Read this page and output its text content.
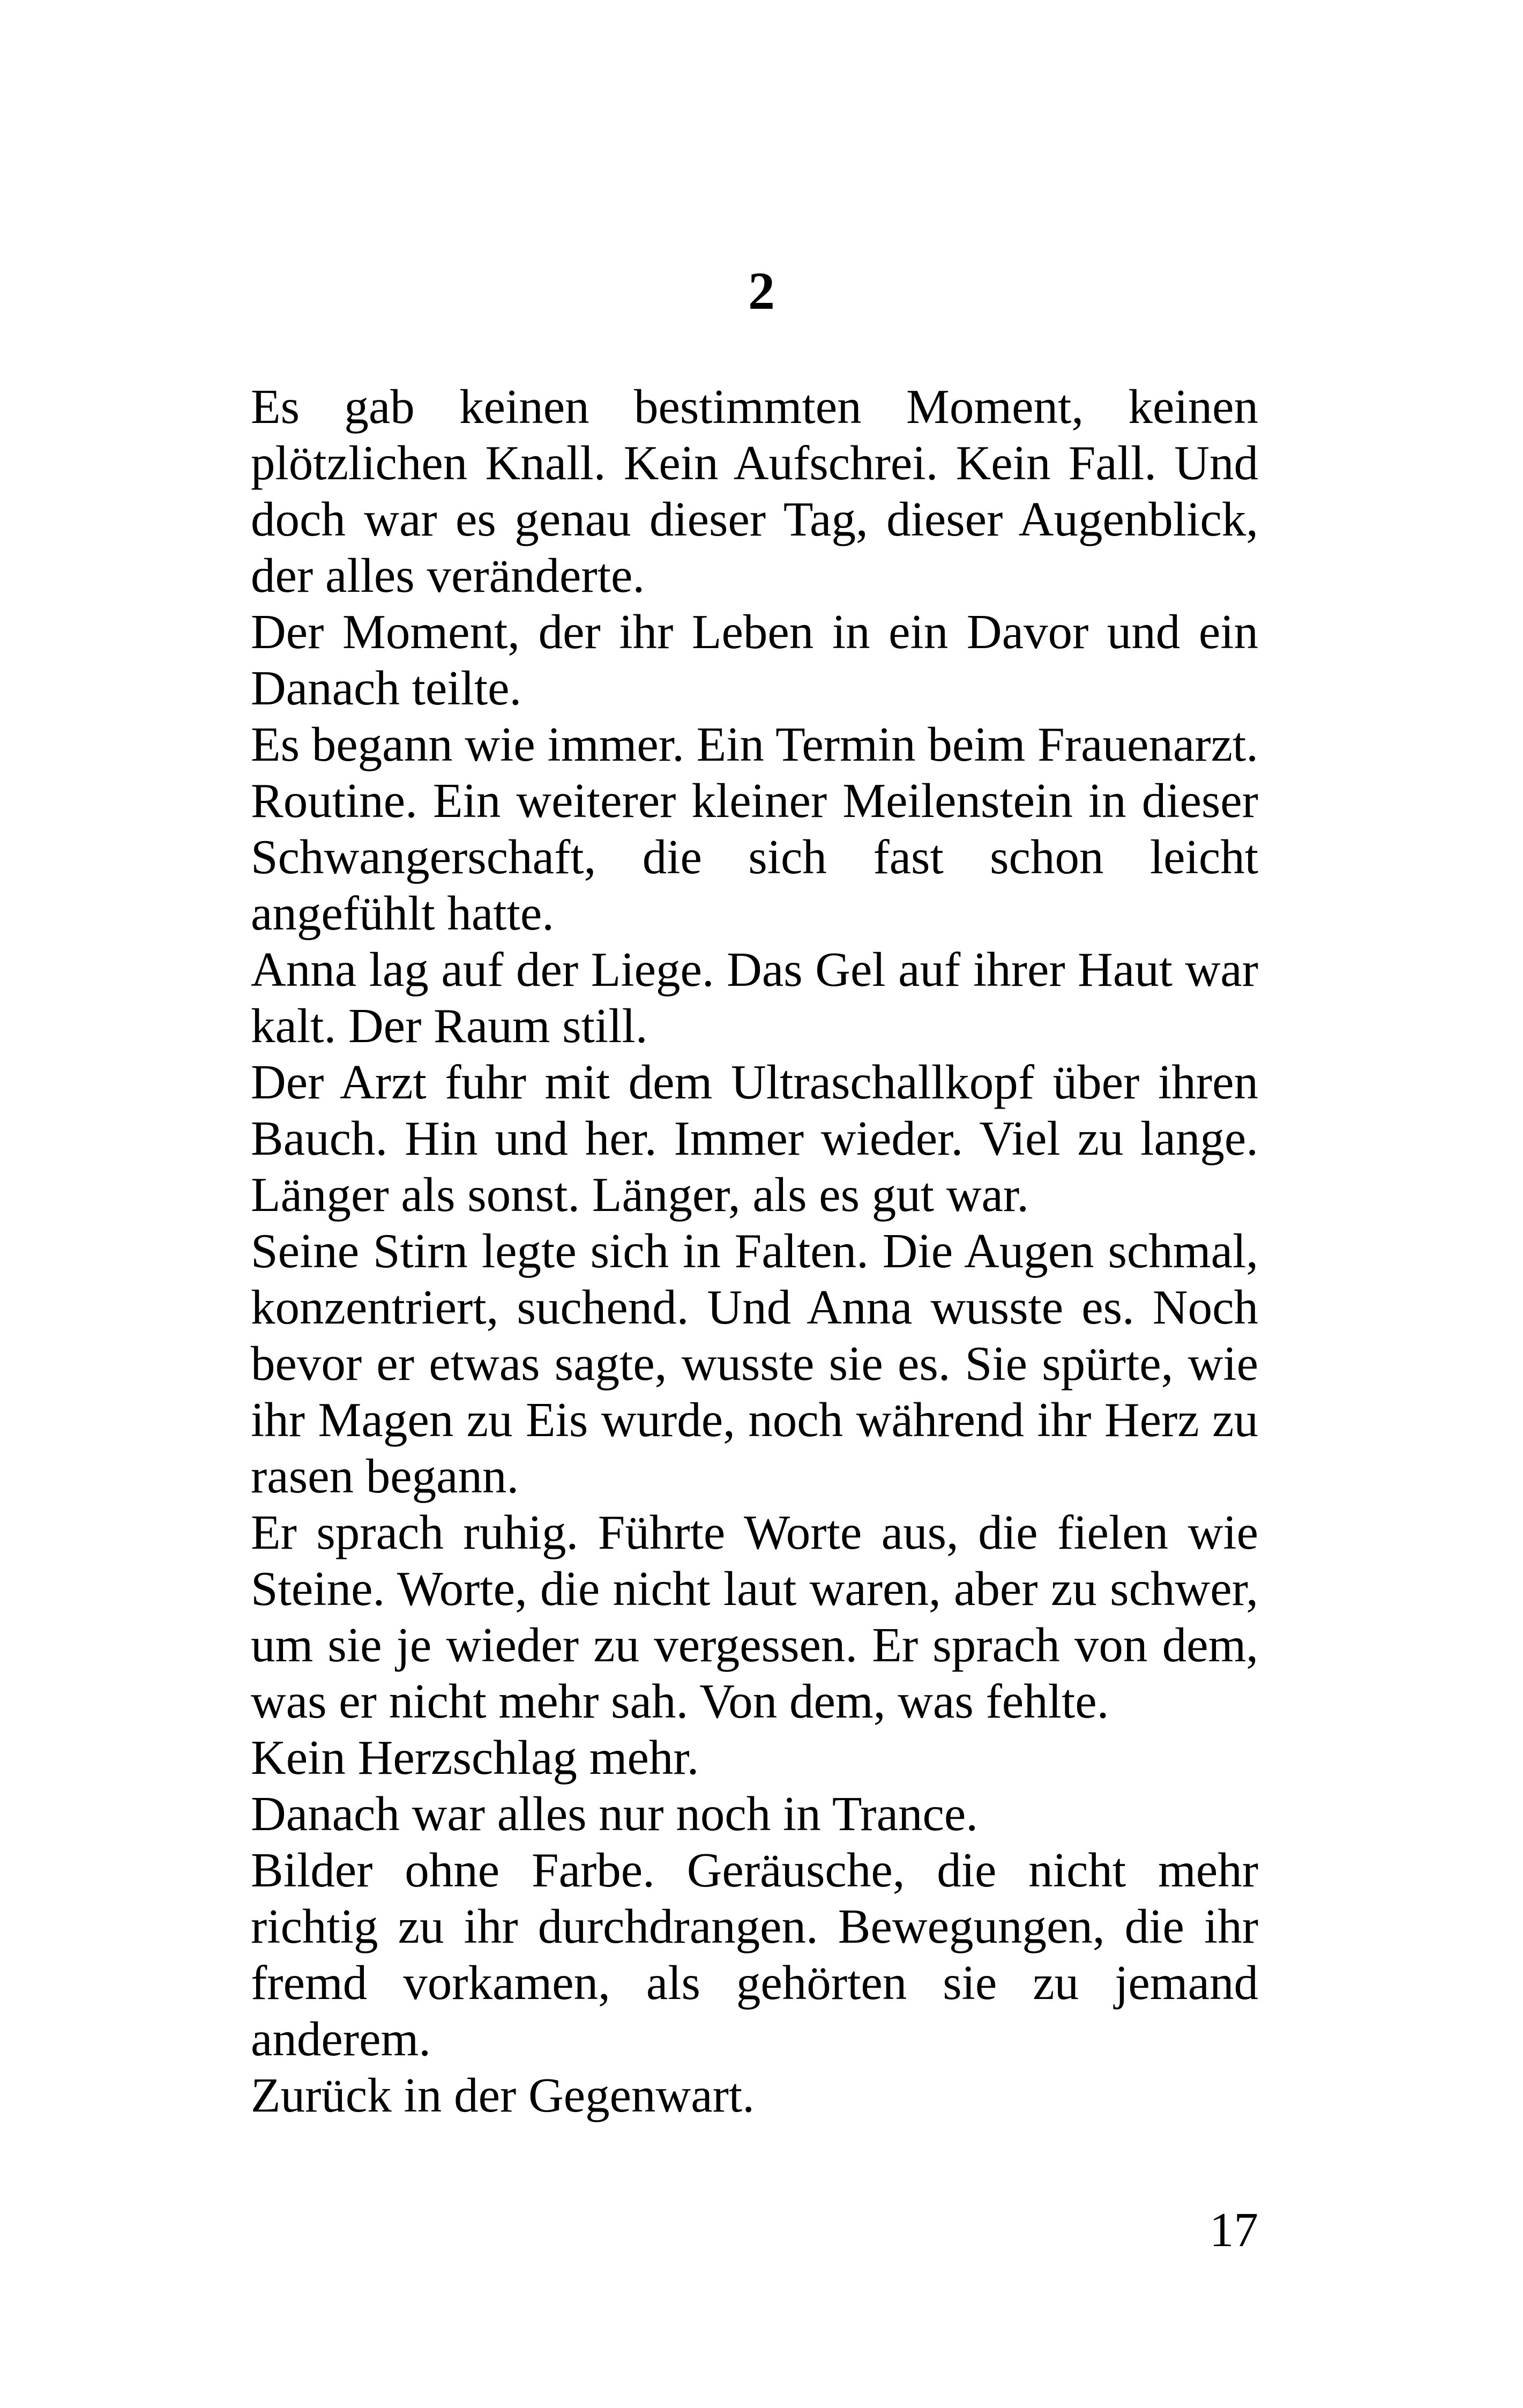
2

Es gab keinen bestimmten Moment, keinen plötzlichen Knall. Kein Aufschrei. Kein Fall. Und doch war es genau dieser Tag, dieser Augenblick, der alles veränderte.

Der Moment, der ihr Leben in ein Davor und ein Danach teilte.

Es begann wie immer. Ein Termin beim Frauenarzt. Routine. Ein weiterer kleiner Meilenstein in dieser Schwangerschaft, die sich fast schon leicht angefühlt hatte.

Anna lag auf der Liege. Das Gel auf ihrer Haut war kalt. Der Raum still.

Der Arzt fuhr mit dem Ultraschallkopf über ihren Bauch. Hin und her. Immer wieder. Viel zu lange. Länger als sonst. Länger, als es gut war.

Seine Stirn legte sich in Falten. Die Augen schmal, konzentriert, suchend. Und Anna wusste es. Noch bevor er etwas sagte, wusste sie es. Sie spürte, wie ihr Magen zu Eis wurde, noch während ihr Herz zu rasen begann.

Er sprach ruhig. Führte Worte aus, die fielen wie Steine. Worte, die nicht laut waren, aber zu schwer, um sie je wieder zu vergessen. Er sprach von dem, was er nicht mehr sah. Von dem, was fehlte.

Kein Herzschlag mehr.

Danach war alles nur noch in Trance.

Bilder ohne Farbe. Geräusche, die nicht mehr richtig zu ihr durchdrangen. Bewegungen, die ihr fremd vorkamen, als gehörten sie zu jemand anderem.

Zurück in der Gegenwart.

17
